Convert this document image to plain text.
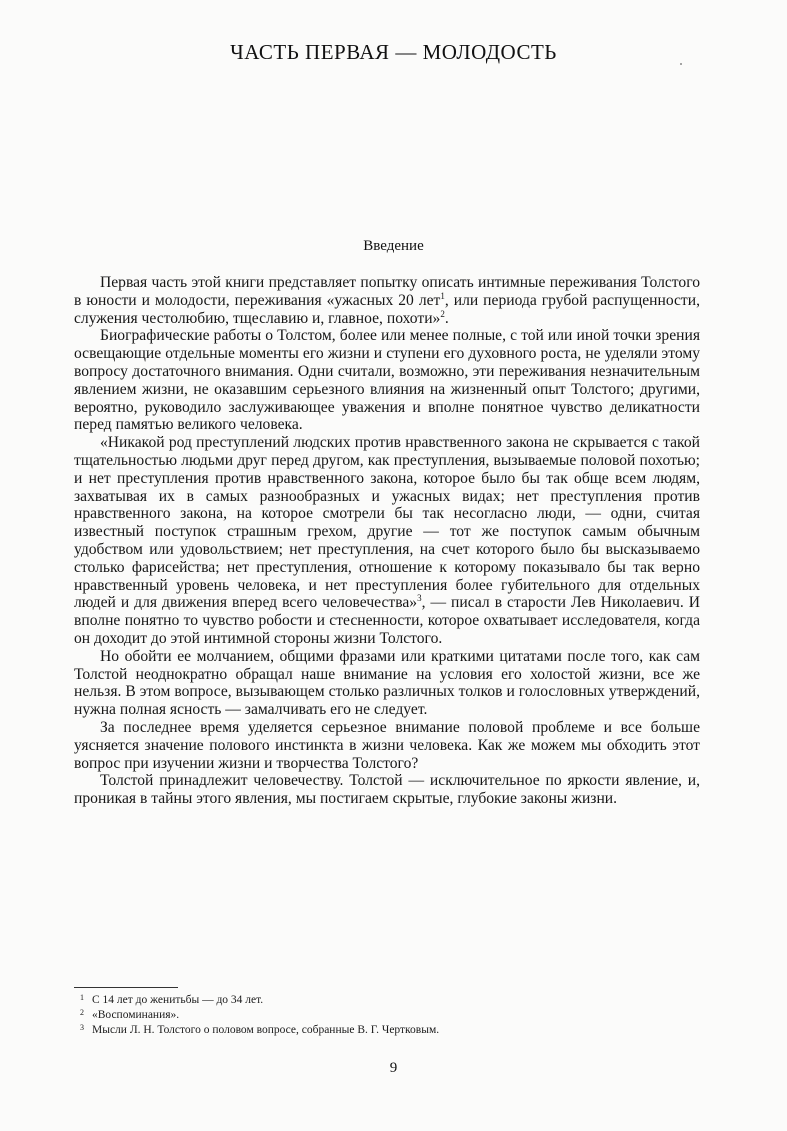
ЧАСТЬ ПЕРВАЯ — МОЛОДОСТЬ
Введение

Первая часть этой книги представляет попытку описать интимные переживания Толстого в юности и молодости, переживания «ужасных 20 лет$^1$, или периода грубой распущенности, служения честолюбию, тщеславию и, главное, похоти»$^2$.

Биографические работы о Толстом, более или менее полные, с той или иной точки зрения освещающие отдельные моменты его жизни и ступени его духовного роста, не уделяли этому вопросу достаточного внимания. Одни считали, возможно, эти переживания незначительным явлением жизни, не оказавшим серьезного влияния на жизненный опыт Толстого; другими, вероятно, руководило заслуживающее уважения и вполне понятное чувство деликатности перед памятью великого человека.

«Никакой род преступлений людских против нравственного закона не скрывается с такой тщательностью людьми друг перед другом, как преступления, вызываемые половой похотью; и нет преступления против нравственного закона, которое было бы так обще всем людям, захватывая их в самых разнообразных и ужасных видах; нет преступления против нравственного закона, на которое смотрели бы так несогласно люди, — одни, считая известный поступок страшным грехом, другие — тот же поступок самым обычным удобством или удовольствием; нет преступления, на счет которого было бы высказываемо столько фарисейства; нет преступления, отношение к которому показывало бы так верно нравственный уровень человека, и нет преступления более губительного для отдельных людей и для движения вперед всего человечества»$^3$, — писал в старости Лев Николаевич. И вполне понятно то чувство робости и стесненности, которое охватывает исследователя, когда он доходит до этой интимной стороны жизни Толстого.

Но обойти ее молчанием, общими фразами или краткими цитатами после того, как сам Толстой неоднократно обращал наше внимание на условия его холостой жизни, все же нельзя. В этом вопросе, вызывающем столько различных толков и голословных утверждений, нужна полная ясность — замалчивать его не следует.

За последнее время уделяется серьезное внимание половой проблеме и все больше уясняется значение полового инстинкта в жизни человека. Как же можем мы обходить этот вопрос при изучении жизни и творчества Толстого?

Толстой принадлежит человечеству. Толстой — исключительное по яркости явление, и, проникая в тайны этого явления, мы постигаем скрытые, глубокие законы жизни.

1 С 14 лет до женитьбы — до 34 лет.
2 «Воспоминания».
3 Мысли Л. Н. Толстого о половом вопросе, собранные В. Г. Чертковым.
9
